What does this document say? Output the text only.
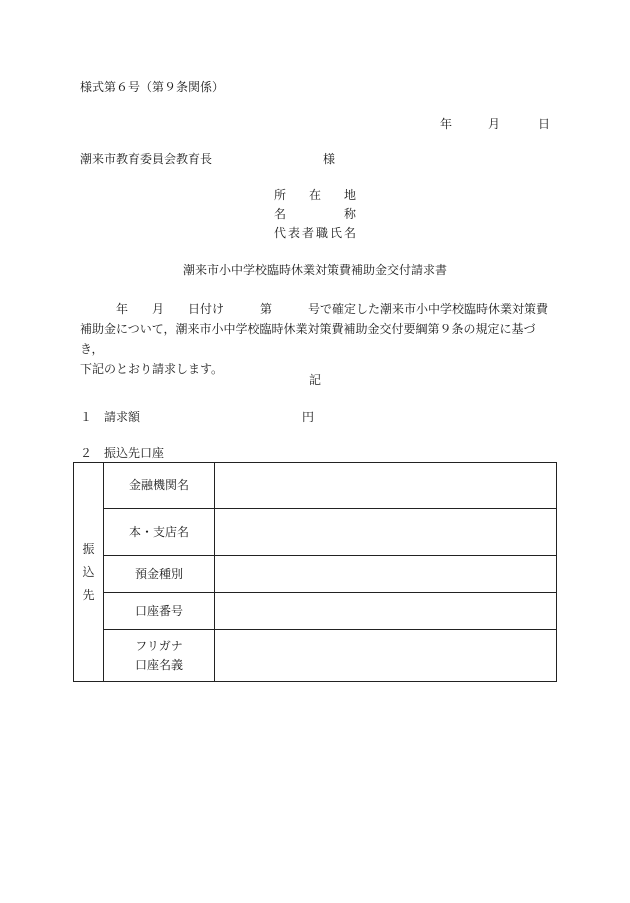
様式第６号（第９条関係）
年	月	日
潮来市教育委員会教育長	様
所在地
名称
代表者職氏名
潮来市小中学校臨時休業対策費補助金交付請求書
　　　年　　月　　日付け　　　第　　　号で確定した潮来市小中学校臨時休業対策費
補助金について，潮来市小中学校臨時休業対策費補助金交付要綱第９条の規定に基づき，
下記のとおり請求します。
記
１　請求額	円
２　振込先口座
振
込
先	金融機関名	

	本・支店名	

	預金種別	

	口座番号	

	フリガナ
口座名義	
